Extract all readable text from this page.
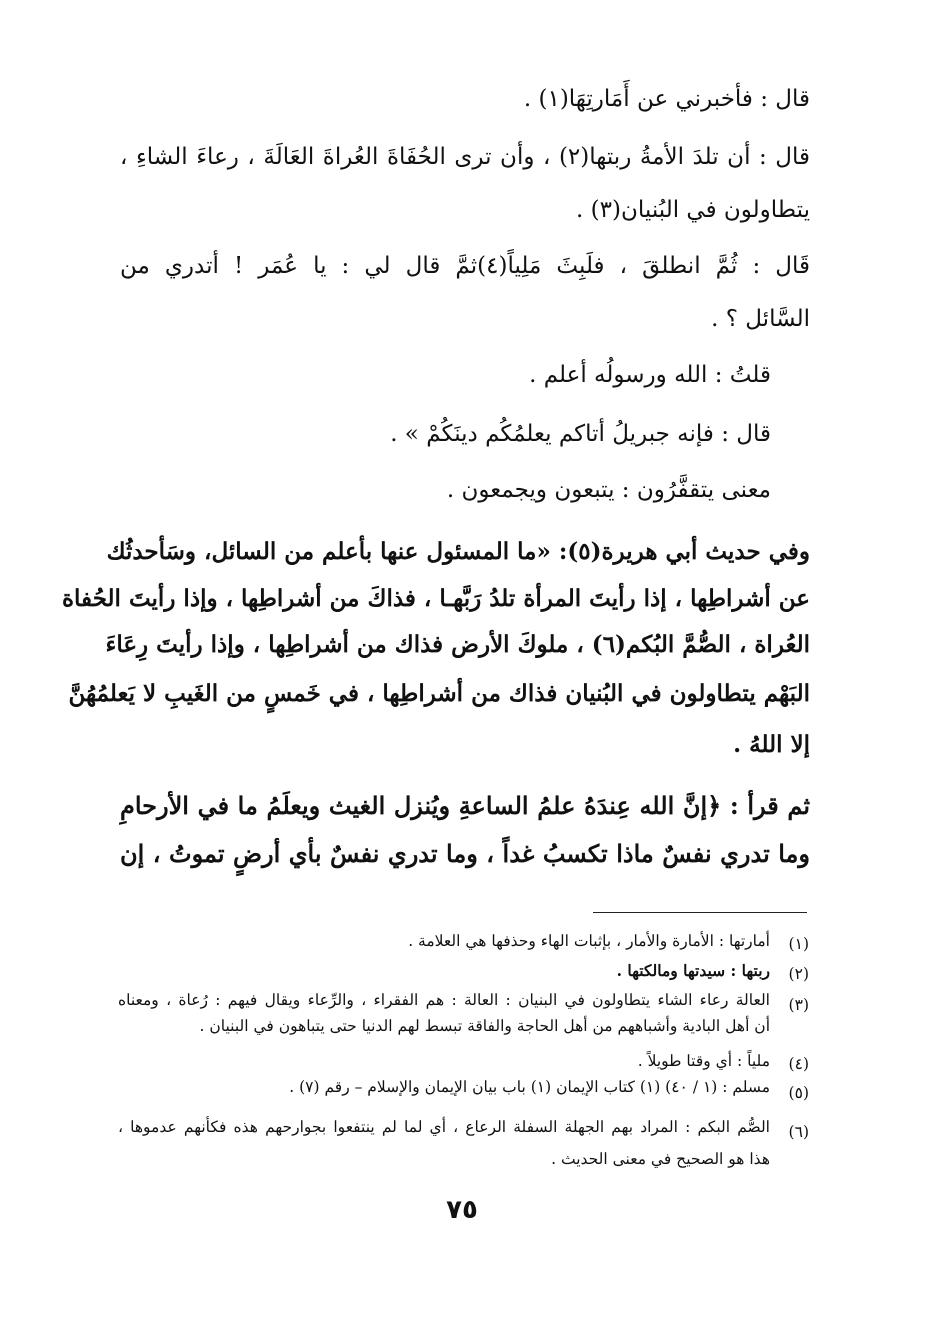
قال : فأخبرني عن أَمَارتِهَا(١) .
قال : أن تلدَ الأمةُ ربتها(٢) ، وأن ترى الحُفَاةَ العُراةَ العَالَةَ ، رعاءَ الشاءِ ،
يتطاولون في البُنيان(٣) .
قَال : ثُمَّ انطلقَ ، فلَبِثَ مَلِياً(٤)ثمَّ قال لي : يا عُمَر ! أتدري من
السَّائل ؟ .
قلتُ : الله ورسولُه أعلم .
قال : فإنه جبريلُ أتاكم يعلمُكُم دينَكُمْ » .
معنى يتقفَّرُون : يتبعون ويجمعون .
وفي حديث أبي هريرة(٥): «ما المسئول عنها بأعلم من السائل، وسَأحدثُك
عن أشراطِها ، إذا رأيتَ المرأة تلدُ رَبَّهـا ، فذاكَ من أشراطِها ، وإذا رأيتَ الحُفاة
العُراة ، الصُّمَّ البُكم(٦) ، ملوكَ الأرض فذاك من أشراطِها ، وإذا رأيتَ رِعَاءَ
البَهْم يتطاولون في البُنيان فذاك من أشراطِها ، في خَمسٍ من الغَيبِ لا يَعلمُهُنَّ
إلا اللهُ .
ثم قرأ : ﴿إنَّ الله عِندَهُ علمُ الساعةِ ويُنزل الغيث ويعلَمُ ما في الأرحامِ
وما تدري نفسٌ ماذا تكسبُ غداً ، وما تدري نفسٌ بأي أرضٍ تموتُ ، إن
(١)
أمارتها : الأمارة والأمار ، بإثبات الهاء وحذفها هي العلامة .
(٢)
ربتها : سيدتها ومالكتها .
(٣)
العالة رعاء الشاء يتطاولون في البنيان : العالة : هم الفقراء ، والرِّعاء ويقال فيهم : رُعاة ، ومعناه
أن أهل البادية وأشباههم من أهل الحاجة والفاقة تبسط لهم الدنيا حتى يتباهون في البنيان .
(٤)
ملياً : أي وقتا طويلاً .
(٥)
مسلم : (١ / ٤٠) (١) كتاب الإيمان (١) باب بيان الإيمان والإسلام – رقم (٧) .
(٦)
الصُّم البكم : المراد بهم الجهلة السفلة الرعاع ، أي لما لم ينتفعوا بجوارحهم هذه فكأنهم عدموها ،
هذا هو الصحيح في معنى الحديث .
٧٥
